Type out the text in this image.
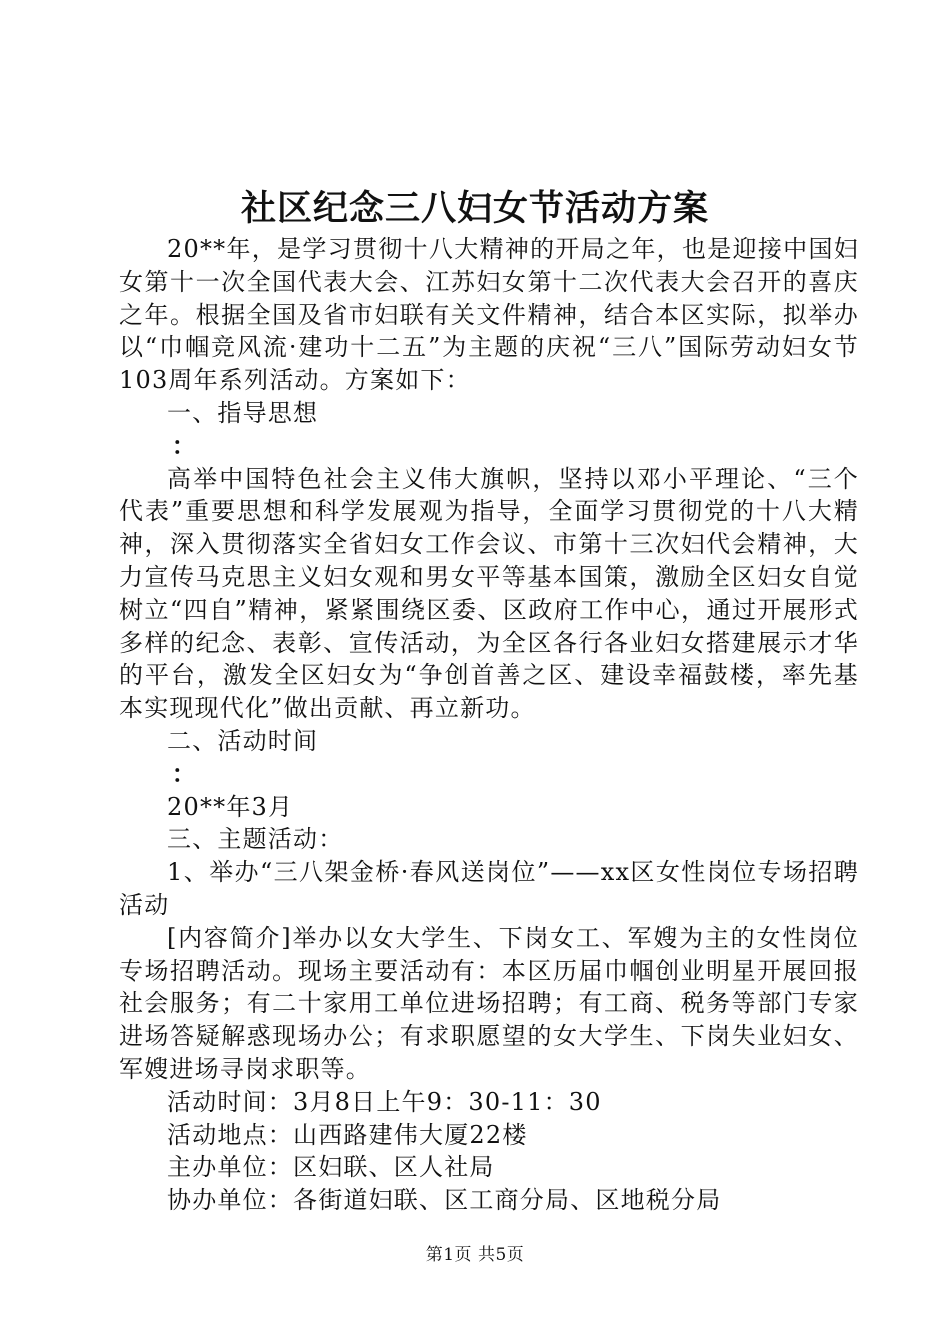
社区纪念三八妇女节活动方案

20**年，是学习贯彻十八大精神的开局之年，也是迎接中国妇女第十一次全国代表大会、江苏妇女第十二次代表大会召开的喜庆之年。根据全国及省市妇联有关文件精神，结合本区实际，拟举办以“巾帼竞风流·建功十二五”为主题的庆祝“三八”国际劳动妇女节103周年系列活动。方案如下：

一、指导思想

：

高举中国特色社会主义伟大旗帜，坚持以邓小平理论、“三个代表”重要思想和科学发展观为指导，全面学习贯彻党的十八大精神，深入贯彻落实全省妇女工作会议、市第十三次妇代会精神，大力宣传马克思主义妇女观和男女平等基本国策，激励全区妇女自觉树立“四自”精神，紧紧围绕区委、区政府工作中心，通过开展形式多样的纪念、表彰、宣传活动，为全区各行各业妇女搭建展示才华的平台，激发全区妇女为“争创首善之区、建设幸福鼓楼，率先基本实现现代化”做出贡献、再立新功。

二、活动时间

：

20**年3月

三、主题活动：

1、举办“三八架金桥·春风送岗位”——xx区女性岗位专场招聘活动

[内容简介]举办以女大学生、下岗女工、军嫂为主的女性岗位专场招聘活动。现场主要活动有：本区历届巾帼创业明星开展回报社会服务；有二十家用工单位进场招聘；有工商、税务等部门专家进场答疑解惑现场办公；有求职愿望的女大学生、下岗失业妇女、军嫂进场寻岗求职等。

活动时间：3月8日上午9：30-11：30

活动地点：山西路建伟大厦22楼

主办单位：区妇联、区人社局

协办单位：各街道妇联、区工商分局、区地税分局

第1页 共5页
